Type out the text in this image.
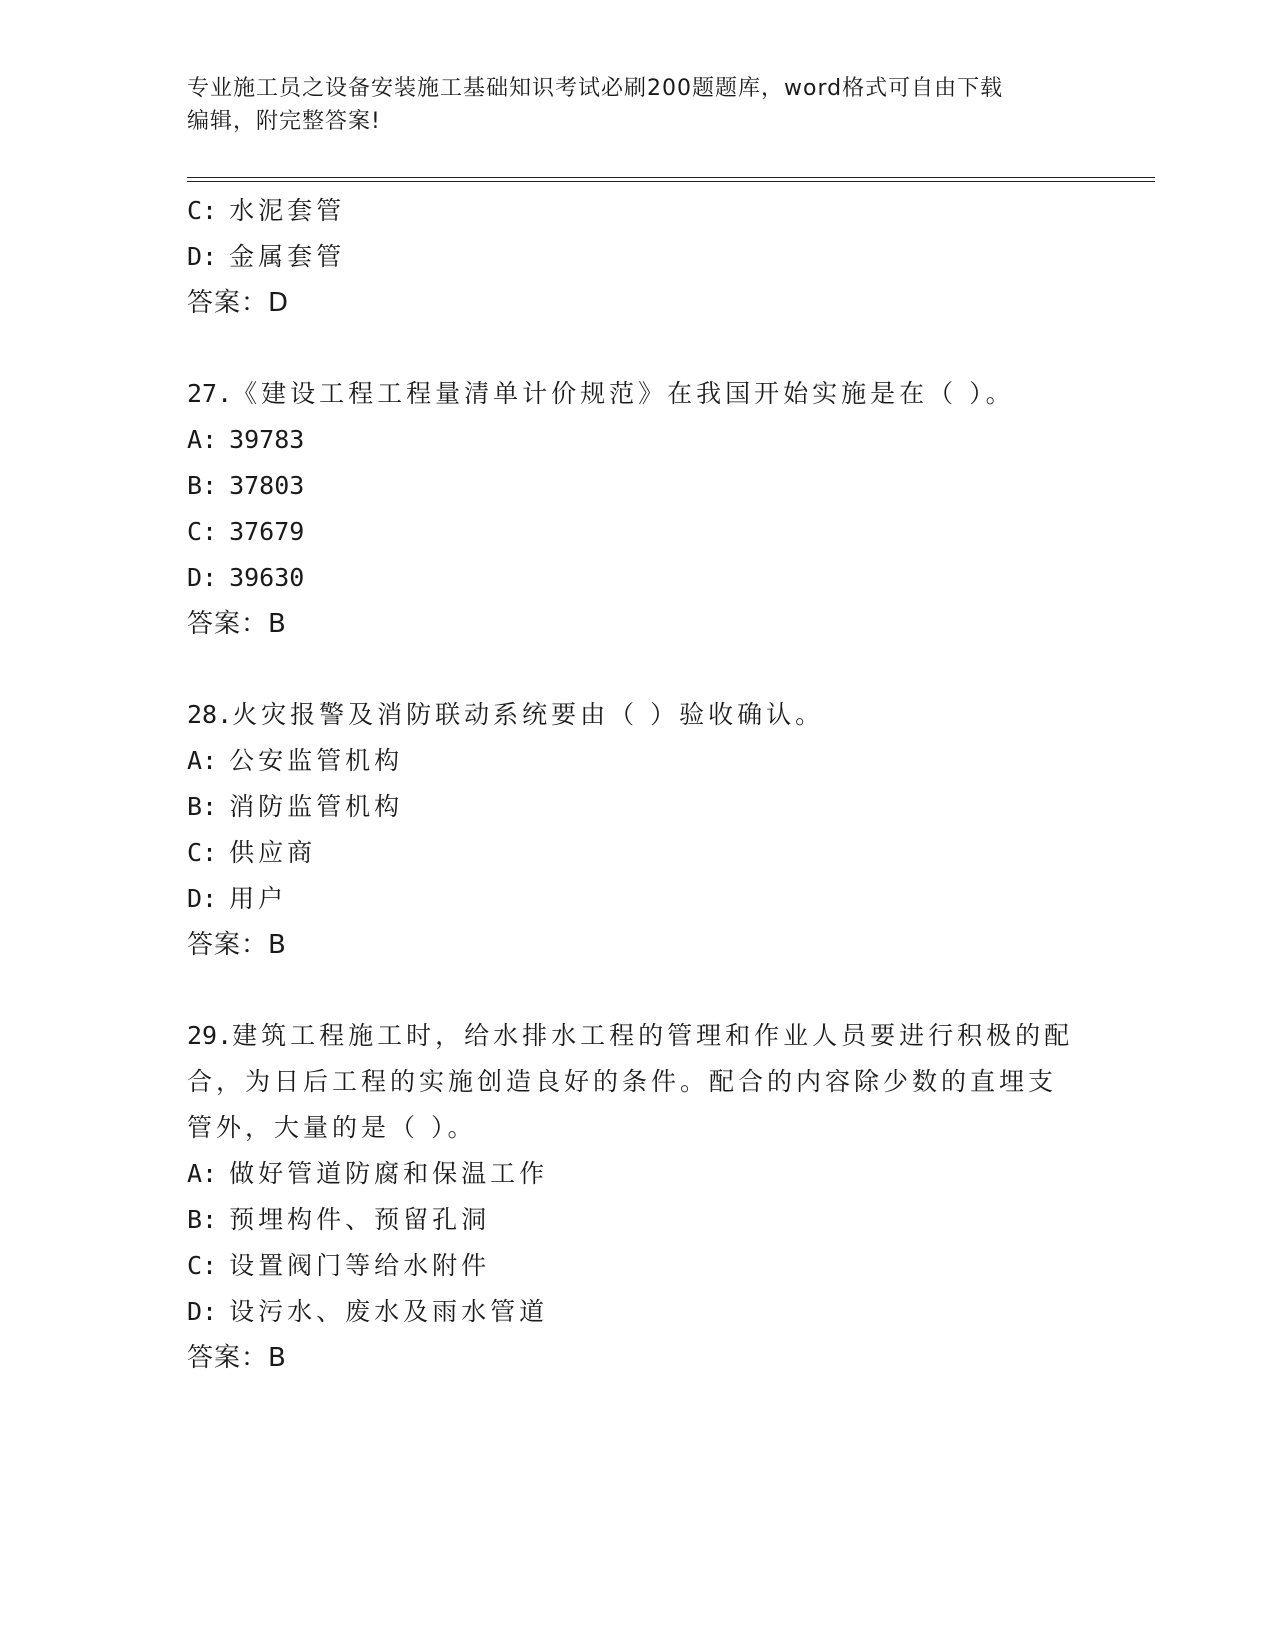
专业施工员之设备安装施工基础知识考试必刷200题题库，word格式可自由下载
编辑，附完整答案!
C: 水泥套管
D: 金属套管
答案：D
27.《建设工程工程量清单计价规范》在我国开始实施是在（ ）。
A: 39783
B: 37803
C: 37679
D: 39630
答案：B
28.火灾报警及消防联动系统要由（ ）验收确认。
A: 公安监管机构
B: 消防监管机构
C: 供应商
D: 用户
答案：B
29.建筑工程施工时，给水排水工程的管理和作业人员要进行积极的配
合，为日后工程的实施创造良好的条件。配合的内容除少数的直埋支
管外，大量的是（ ）。
A: 做好管道防腐和保温工作
B: 预埋构件、预留孔洞
C: 设置阀门等给水附件
D: 设污水、废水及雨水管道
答案：B
